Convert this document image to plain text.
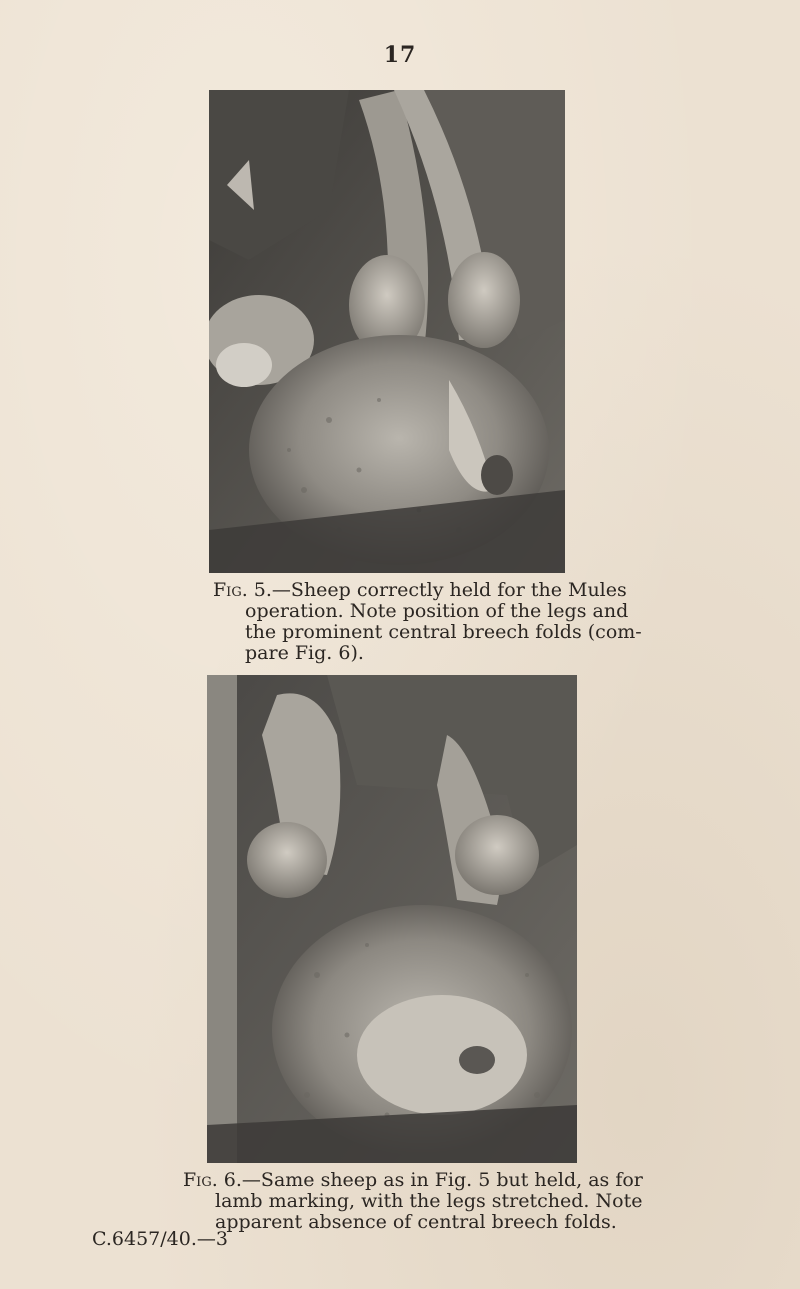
17
Fig. 5.—Sheep correctly held for the Mules
operation. Note position of the legs and
the prominent central breech folds (com-
pare Fig. 6).
Fig. 6.—Same sheep as in Fig. 5 but held, as for
lamb marking, with the legs stretched. Note
apparent absence of central breech folds.
C.6457/40.—3
